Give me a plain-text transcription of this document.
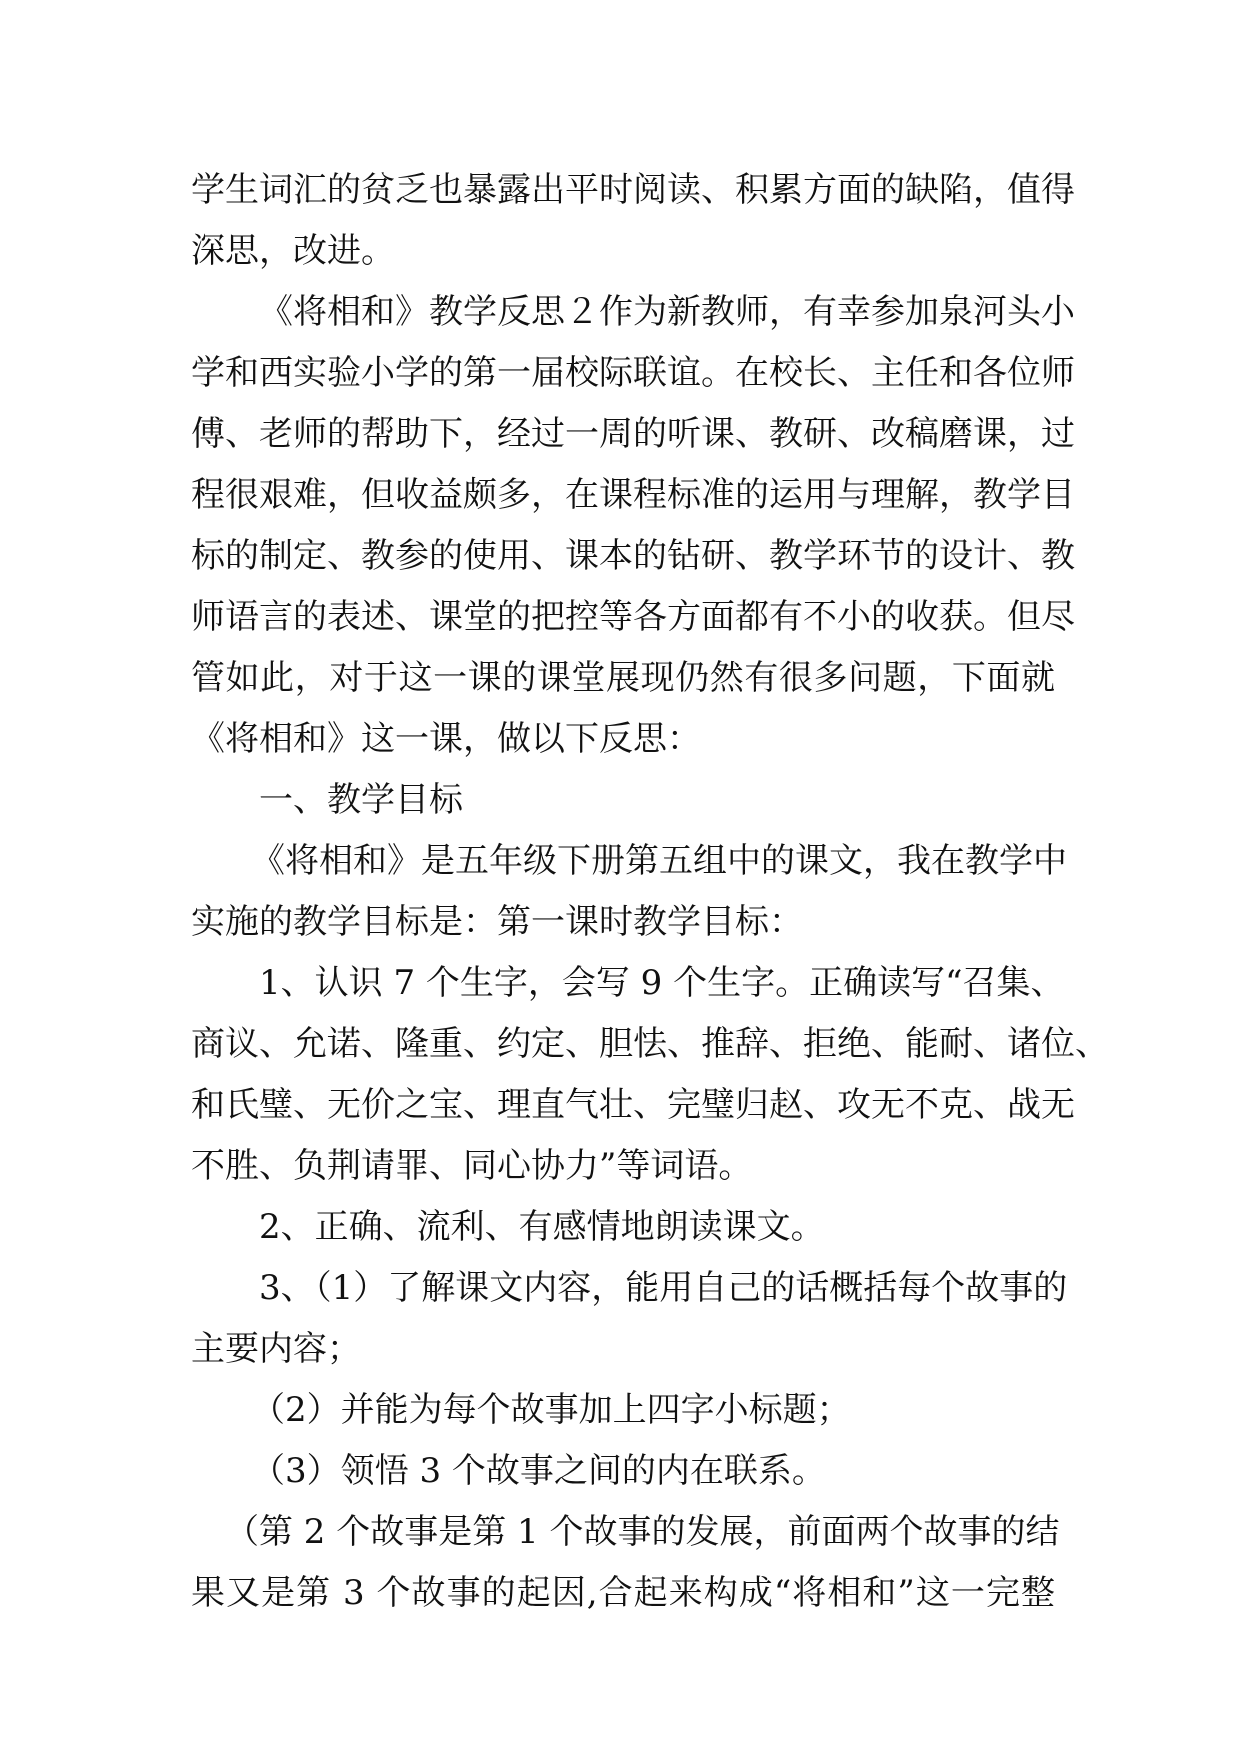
学生词汇的贫乏也暴露出平时阅读、积累方面的缺陷，值得
深思，改进。
《将相和》教学反思２作为新教师，有幸参加泉河头小
学和西实验小学的第一届校际联谊。在校长、主任和各位师
傅、老师的帮助下，经过一周的听课、教研、改稿磨课，过
程很艰难，但收益颇多，在课程标准的运用与理解，教学目
标的制定、教参的使用、课本的钻研、教学环节的设计、教
师语言的表述、课堂的把控等各方面都有不小的收获。但尽
管如此，对于这一课的课堂展现仍然有很多问题，下面就
《将相和》这一课，做以下反思：
一、教学目标
《将相和》是五年级下册第五组中的课文，我在教学中
实施的教学目标是：第一课时教学目标：
1、认识 7 个生字，会写 9 个生字。正确读写“召集、
商议、允诺、隆重、约定、胆怯、推辞、拒绝、能耐、诸位、
和氏璧、无价之宝、理直气壮、完璧归赵、攻无不克、战无
不胜、负荆请罪、同心协力”等词语。
2、正确、流利、有感情地朗读课文。
3、（1）了解课文内容，能用自己的话概括每个故事的
主要内容；
（2）并能为每个故事加上四字小标题；
（3）领悟 3 个故事之间的内在联系。
（第 2 个故事是第 1 个故事的发展，前面两个故事的结
果又是第 3 个故事的起因,合起来构成“将相和”这一完整
